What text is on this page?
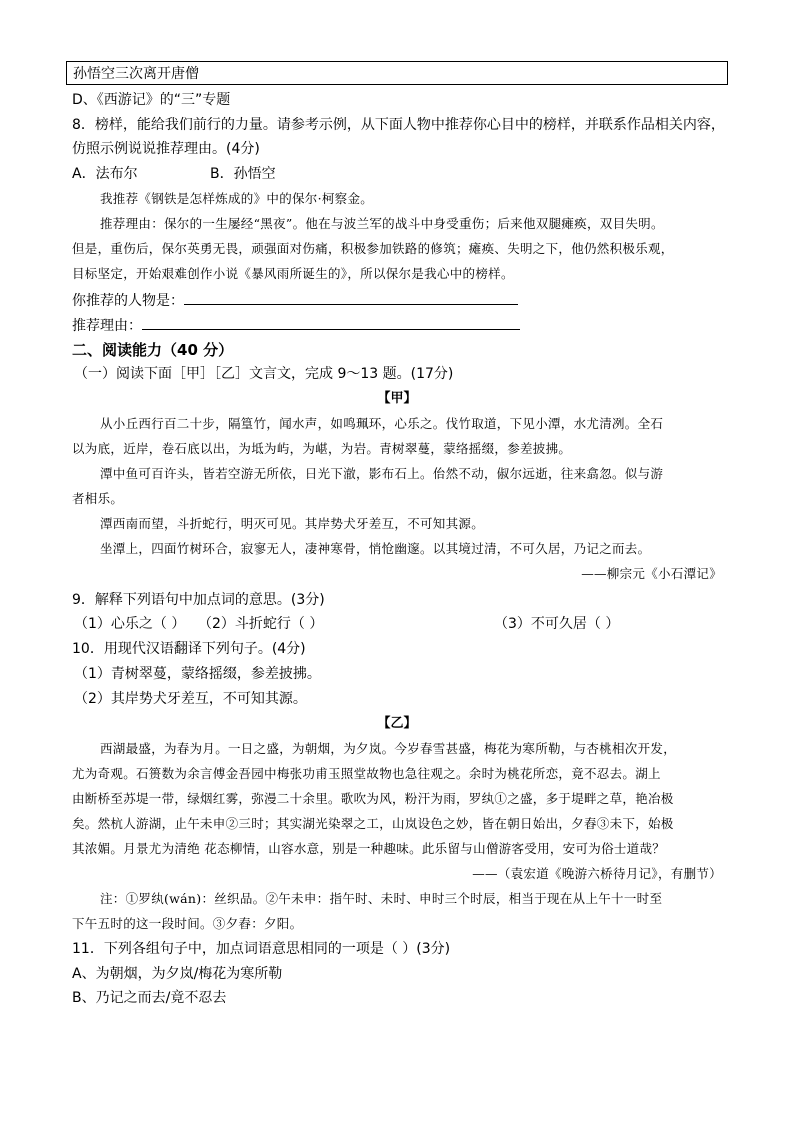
孙悟空三次离开唐僧
D、《西游记》的“三”专题
8．榜样，能给我们前行的力量。请参考示例，从下面人物中推荐你心目中的榜样，并联系作品相关内容，
仿照示例说说推荐理由。(4分)
A．法布尔	B．孙悟空
我推荐《钢铁是怎样炼成的》中的保尔·柯察金。
推荐理由：保尔的一生屡经“黑夜”。他在与波兰军的战斗中身受重伤；后来他双腿瘫痪，双目失明。
但是，重伤后，保尔英勇无畏，顽强面对伤痛，积极参加铁路的修筑；瘫痪、失明之下，他仍然积极乐观，
目标坚定，开始艰难创作小说《暴风雨所诞生的》，所以保尔是我心中的榜样。
你推荐的人物是：
推荐理由：
二、阅读能力（40 分）
（一）阅读下面［甲］［乙］文言文，完成 9～13 题。(17分)
【甲】
从小丘西行百二十步，隔篁竹，闻水声，如鸣珮环，心乐之。伐竹取道，下见小潭，水尤清冽。全石
以为底，近岸，卷石底以出，为坻为屿，为嵁，为岩。青树翠蔓，蒙络摇缀，参差披拂。
潭中鱼可百许头，皆若空游无所依，日光下澈，影布石上。佁然不动，俶尔远逝，往来翕忽。似与游
者相乐。
潭西南而望，斗折蛇行，明灭可见。其岸势犬牙差互，不可知其源。
坐潭上，四面竹树环合，寂寥无人，凄神寒骨，悄怆幽邃。以其境过清，不可久居，乃记之而去。
——柳宗元《小石潭记》
9．解释下列语句中加点词的意思。(3分)
（1）心乐之（ ） （2）斗折蛇行（ ）	（3）不可久居（ ）
10．用现代汉语翻译下列句子。(4分)
（1）青树翠蔓，蒙络摇缀，参差披拂。
（2）其岸势犬牙差互，不可知其源。
【乙】
西湖最盛，为春为月。一日之盛，为朝烟，为夕岚。今岁春雪甚盛，梅花为寒所勒，与杏桃相次开发，
尤为奇观。石篑数为余言傅金吾园中梅张功甫玉照堂故物也急往观之。余时为桃花所恋，竟不忍去。湖上
由断桥至苏堤一带，绿烟红雾，弥漫二十余里。歌吹为风，粉汗为雨，罗纨①之盛，多于堤畔之草，艳冶极
矣。然杭人游湖，止午未申②三时；其实湖光染翠之工，山岚设色之妙，皆在朝日始出，夕舂③未下，始极
其浓媚。月景尤为清绝 花态柳情，山容水意，别是一种趣味。此乐留与山僧游客受用，安可为俗士道哉？
——（袁宏道《晚游六桥待月记》，有删节）
注：①罗纨(wán)：丝织品。②午未申：指午时、未时、申时三个时辰，相当于现在从上午十一时至
下午五时的这一段时间。③夕舂：夕阳。
11．下列各组句子中，加点词语意思相同的一项是（ ）(3分)
A、为朝烟，为夕岚/梅花为寒所勒
B、乃记之而去/竟不忍去
